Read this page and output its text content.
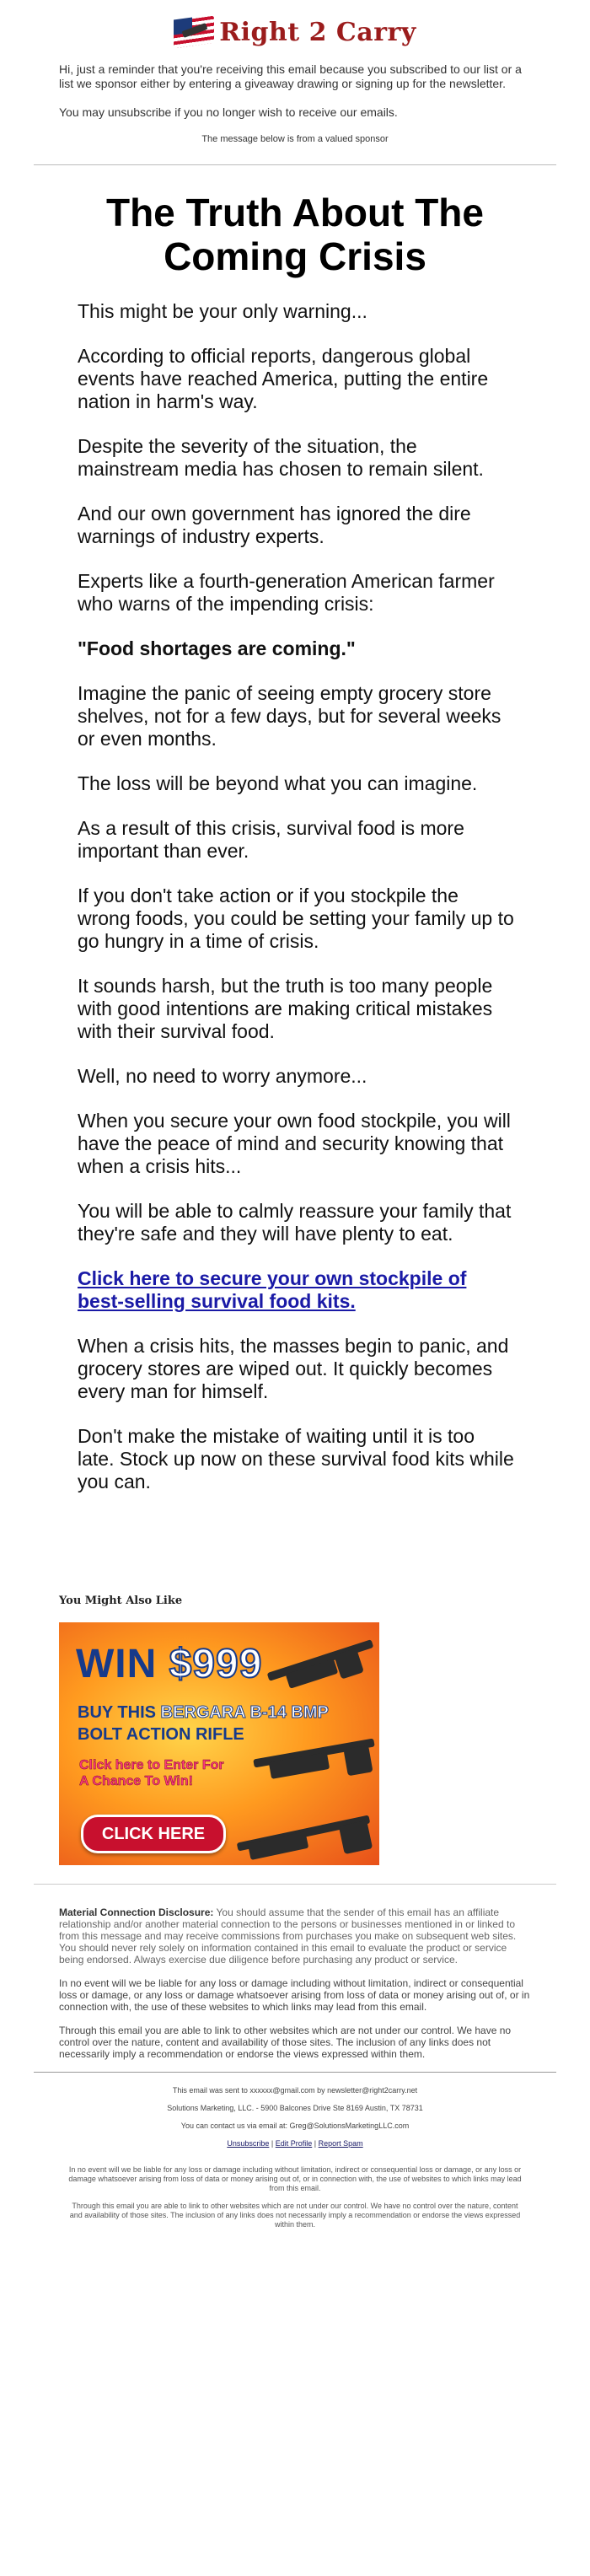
Right 2 Carry

Hi, just a reminder that you're receiving this email because you subscribed to our list or a list we sponsor either by entering a giveaway drawing or signing up for the newsletter.

You may unsubscribe if you no longer wish to receive our emails.

The message below is from a valued sponsor
The Truth About The Coming Crisis

This might be your only warning...

According to official reports, dangerous global events have reached America, putting the entire nation in harm's way.

Despite the severity of the situation, the mainstream media has chosen to remain silent.

And our own government has ignored the dire warnings of industry experts.

Experts like a fourth-generation American farmer who warns of the impending crisis:

"Food shortages are coming."

Imagine the panic of seeing empty grocery store shelves, not for a few days, but for several weeks or even months.

The loss will be beyond what you can imagine.

As a result of this crisis, survival food is more important than ever.

If you don't take action or if you stockpile the wrong foods, you could be setting your family up to go hungry in a time of crisis.

It sounds harsh, but the truth is too many people with good intentions are making critical mistakes with their survival food.

Well, no need to worry anymore...

When you secure your own food stockpile, you will have the peace of mind and security knowing that when a crisis hits...

You will be able to calmly reassure your family that they're safe and they will have plenty to eat.

Click here to secure your own stockpile of best-selling survival food kits.

When a crisis hits, the masses begin to panic, and grocery stores are wiped out. It quickly becomes every man for himself.

Don't make the mistake of waiting until it is too late. Stock up now on these survival food kits while you can.

You Might Also Like
WIN $999
BUY THIS BERGARA B-14 BMP
BOLT ACTION RIFLE
Click here to Enter For
A Chance To Win!
CLICK HERE

Material Connection Disclosure: You should assume that the sender of this email has an affiliate relationship and/or another material connection to the persons or businesses mentioned in or linked to from this message and may receive commissions from purchases you make on subsequent web sites. You should never rely solely on information contained in this email to evaluate the product or service being endorsed. Always exercise due diligence before purchasing any product or service.

In no event will we be liable for any loss or damage including without limitation, indirect or consequential loss or damage, or any loss or damage whatsoever arising from loss of data or money arising out of, or in connection with, the use of these websites to which links may lead from this email.

Through this email you are able to link to other websites which are not under our control. We have no control over the nature, content and availability of those sites. The inclusion of any links does not necessarily imply a recommendation or endorse the views expressed within them.

This email was sent to xxxxxx@gmail.com by newsletter@right2carry.net

Solutions Marketing, LLC. - 5900 Balcones Drive Ste 8169 Austin, TX 78731

You can contact us via email at: Greg@SolutionsMarketingLLC.com

Unsubscribe | Edit Profile | Report Spam

In no event will we be liable for any loss or damage including without limitation, indirect or consequential loss or damage, or any loss or damage whatsoever arising from loss of data or money arising out of, or in connection with, the use of websites to which links may lead from this email.

Through this email you are able to link to other websites which are not under our control. We have no control over the nature, content and availability of those sites. The inclusion of any links does not necessarily imply a recommendation or endorse the views expressed within them.
